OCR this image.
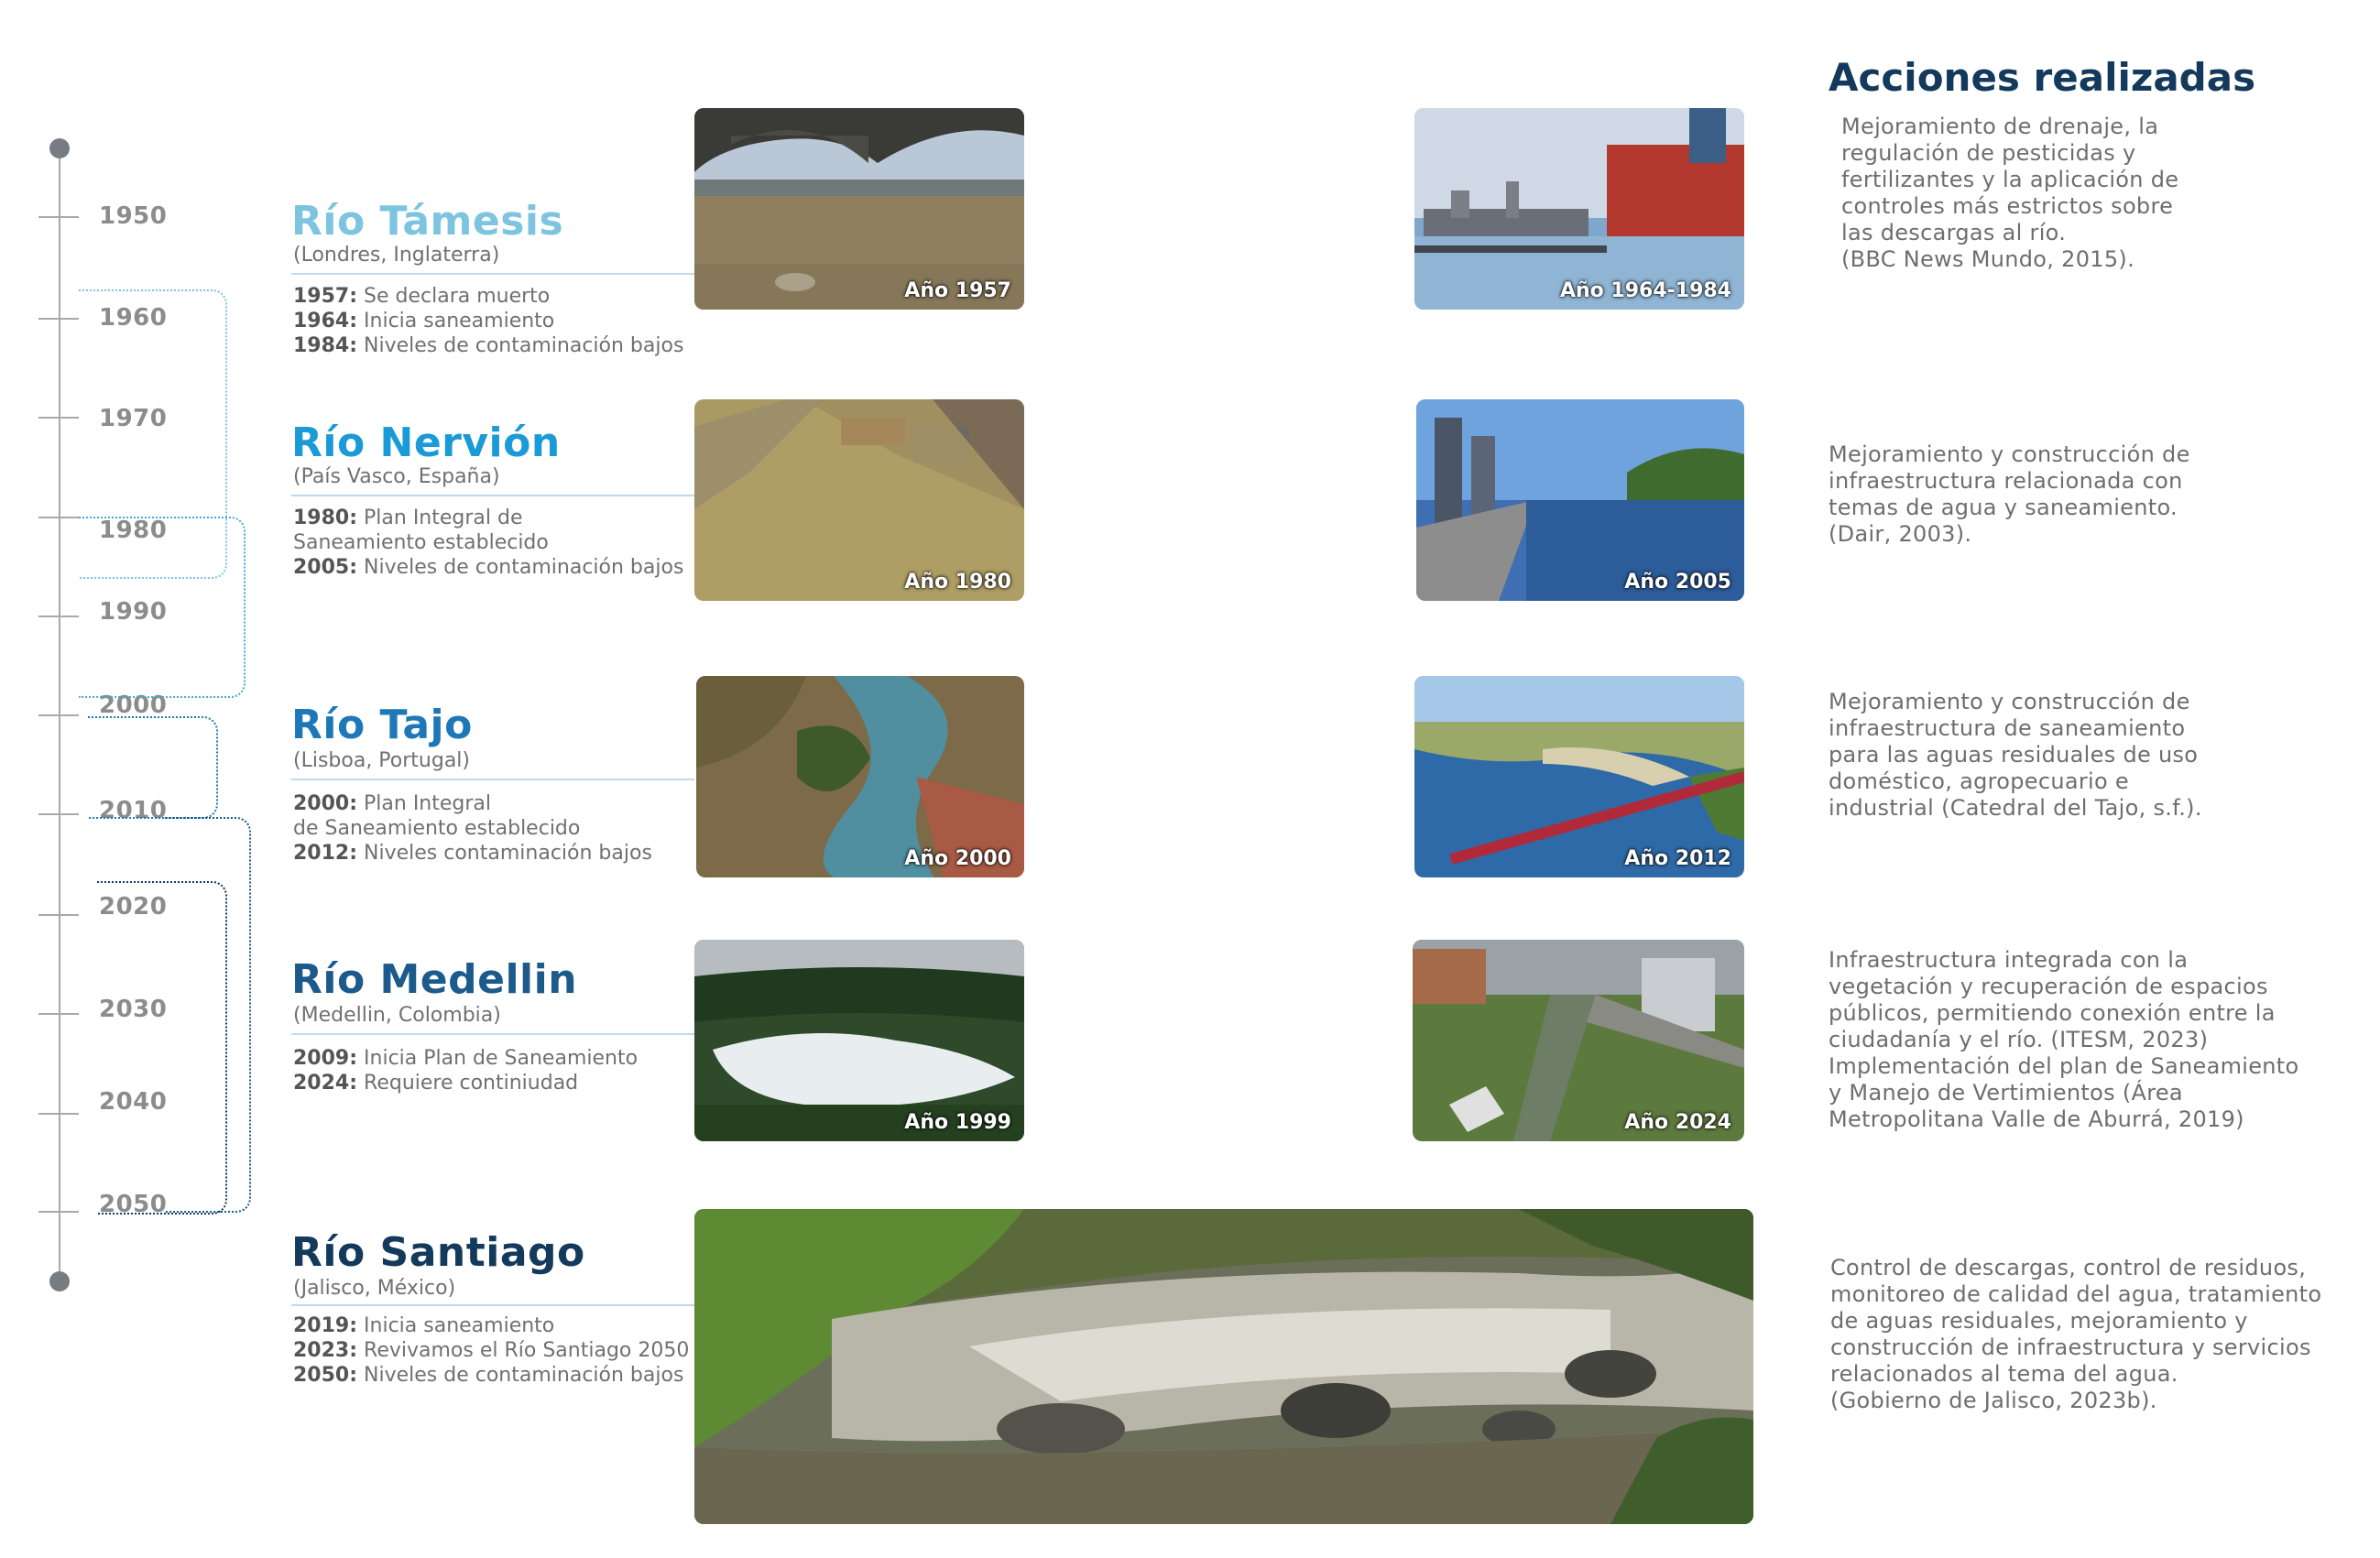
1950
1960
1970
1980
1990
2000
2010
2020
2030
2040
2050
Acciones realizadas
Río Támesis
(Londres, Inglaterra)
1957: Se declara muerto
1964: Inicia saneamiento
1984: Niveles de contaminación bajos
Año 1957	Año 1964-1984
Mejoramiento de drenaje, la
regulación de pesticidas y
fertilizantes y la aplicación de
controles más estrictos sobre
las descargas al río.
(BBC News Mundo, 2015).
Río Nervión
(País Vasco, España)
1980: Plan Integral de
Saneamiento establecido
2005: Niveles de contaminación bajos
Año 1980	Año 2005
Mejoramiento y construcción de
infraestructura relacionada con
temas de agua y saneamiento.
(Dair, 2003).
Río Tajo
(Lisboa, Portugal)
2000: Plan Integral
de Saneamiento establecido
2012: Niveles contaminación bajos	Año 2000	Año 2012
Mejoramiento y construcción de
infraestructura de saneamiento
para las aguas residuales de uso
doméstico, agropecuario e
industrial (Catedral del Tajo, s.f.).
Río Medellin
(Medellin, Colombia)
2009: Inicia Plan de Saneamiento
2024: Requiere continiudad
Año 1999	Año 2024
Infraestructura integrada con la
vegetación y recuperación de espacios
públicos, permitiendo conexión entre la
ciudadanía y el río. (ITESM, 2023)
Implementación del plan de Saneamiento
y Manejo de Vertimientos (Área
Metropolitana Valle de Aburrá, 2019)
Río Santiago
(Jalisco, México)
2019: Inicia saneamiento
2023: Revivamos el Río Santiago 2050
2050: Niveles de contaminación bajos
Control de descargas, control de residuos,
monitoreo de calidad del agua, tratamiento
de aguas residuales, mejoramiento y
construcción de infraestructura y servicios
relacionados al tema del agua.
(Gobierno de Jalisco, 2023b).
